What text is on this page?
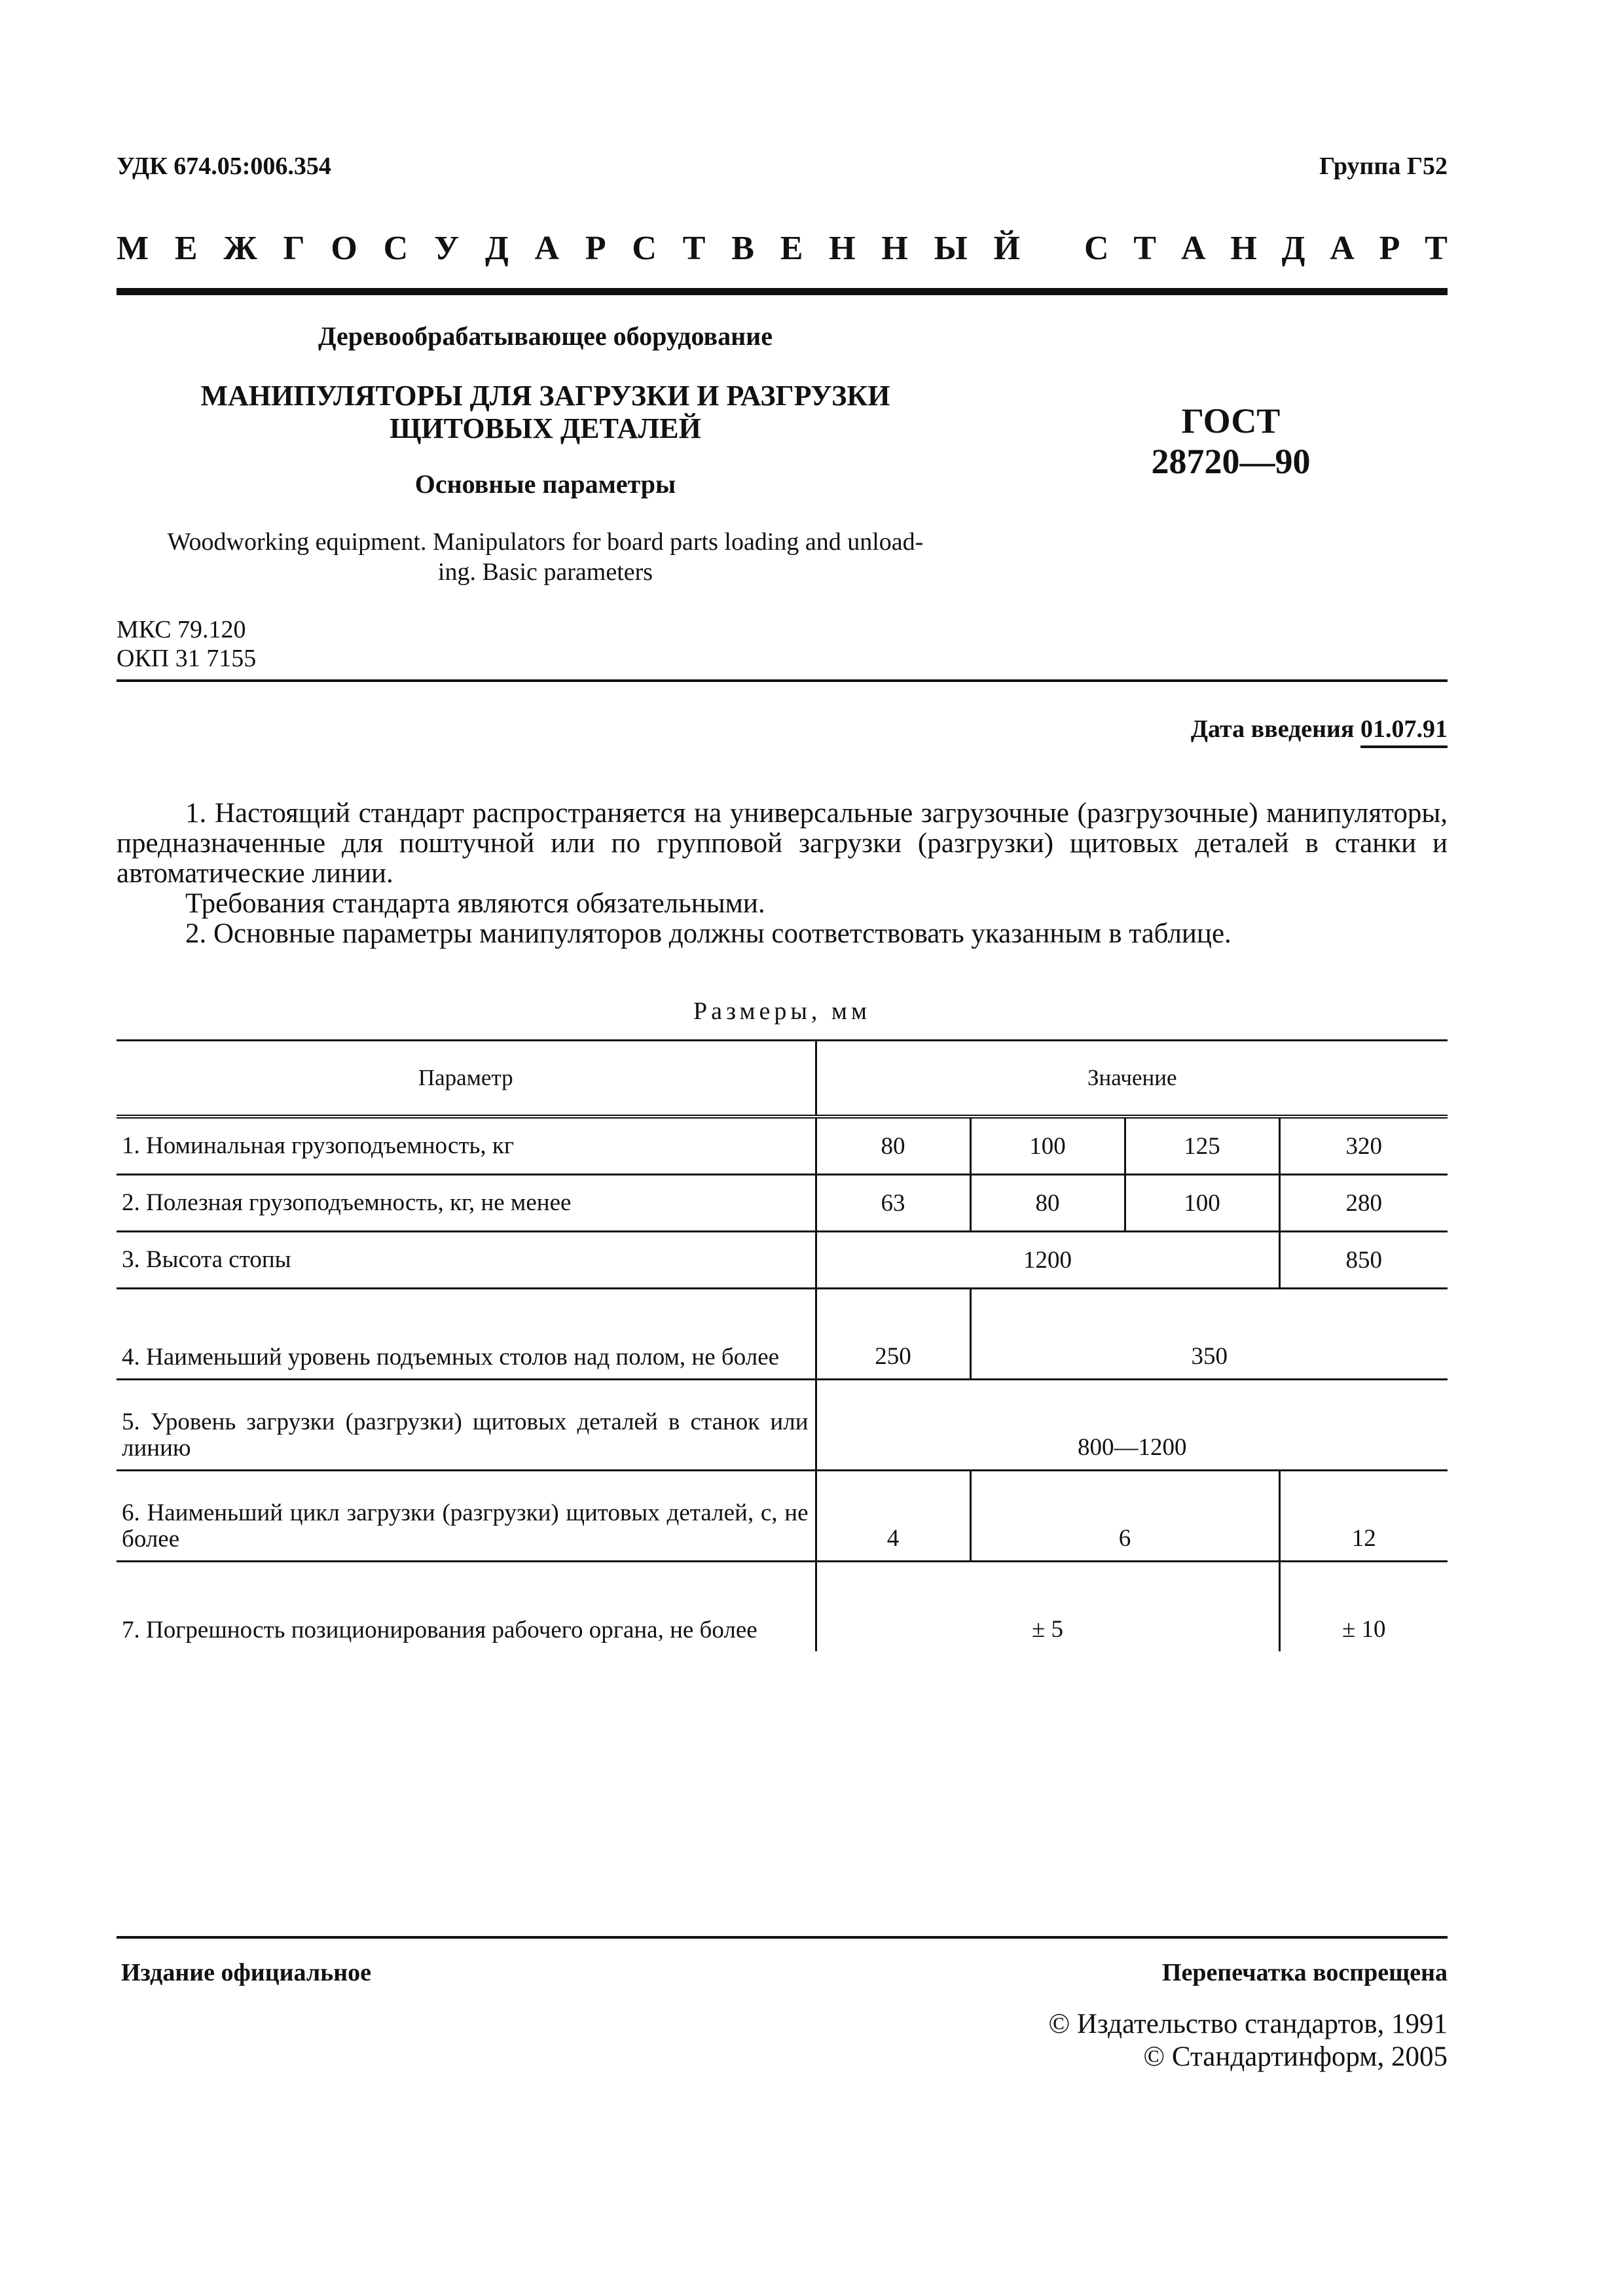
УДК 674.05:006.354	Группа Г52
М Е Ж Г О С У Д А Р С Т В Е Н Н Ы Й С Т А Н Д А Р Т
Деревообрабатывающее оборудование
МАНИПУЛЯТОРЫ ДЛЯ ЗАГРУЗКИ И РАЗГРУЗКИ
ЩИТОВЫХ ДЕТАЛЕЙ
Основные параметры
Woodworking equipment. Manipulators for board parts loading and unload-
ing. Basic parameters
ГОСТ
28720—90
МКС 79.120
ОКП 31 7155
Дата введения 01.07.91

1. Настоящий стандарт распространяется на универсальные загрузочные (разгрузочные) манипуляторы, предназначенные для поштучной или по групповой загрузки (разгрузки) щитовых деталей в станки и автоматические линии.

Требования стандарта являются обязательными.

2. Основные параметры манипуляторов должны соответствовать указанным в таблице.

Размеры, мм
Параметр	Значение			
1. Номинальная грузоподъемность, кг	80	100	125	320
2. Полезная грузоподъемность, кг, не менее	63	80	100	280
3. Высота стопы	1200			850
4. Наименьший уровень подъемных столов над полом, не более	250	350		
5. Уровень загрузки (разгрузки) щитовых деталей в станок или линию	800—1200			
6. Наименьший цикл загрузки (разгрузки) щитовых деталей, с, не более	4	6		12
7. Погрешность позиционирования рабочего органа, не более	± 5			± 10
Издание официальное	Перепечатка воспрещена
© Издательство стандартов, 1991
© Стандартинформ, 2005
